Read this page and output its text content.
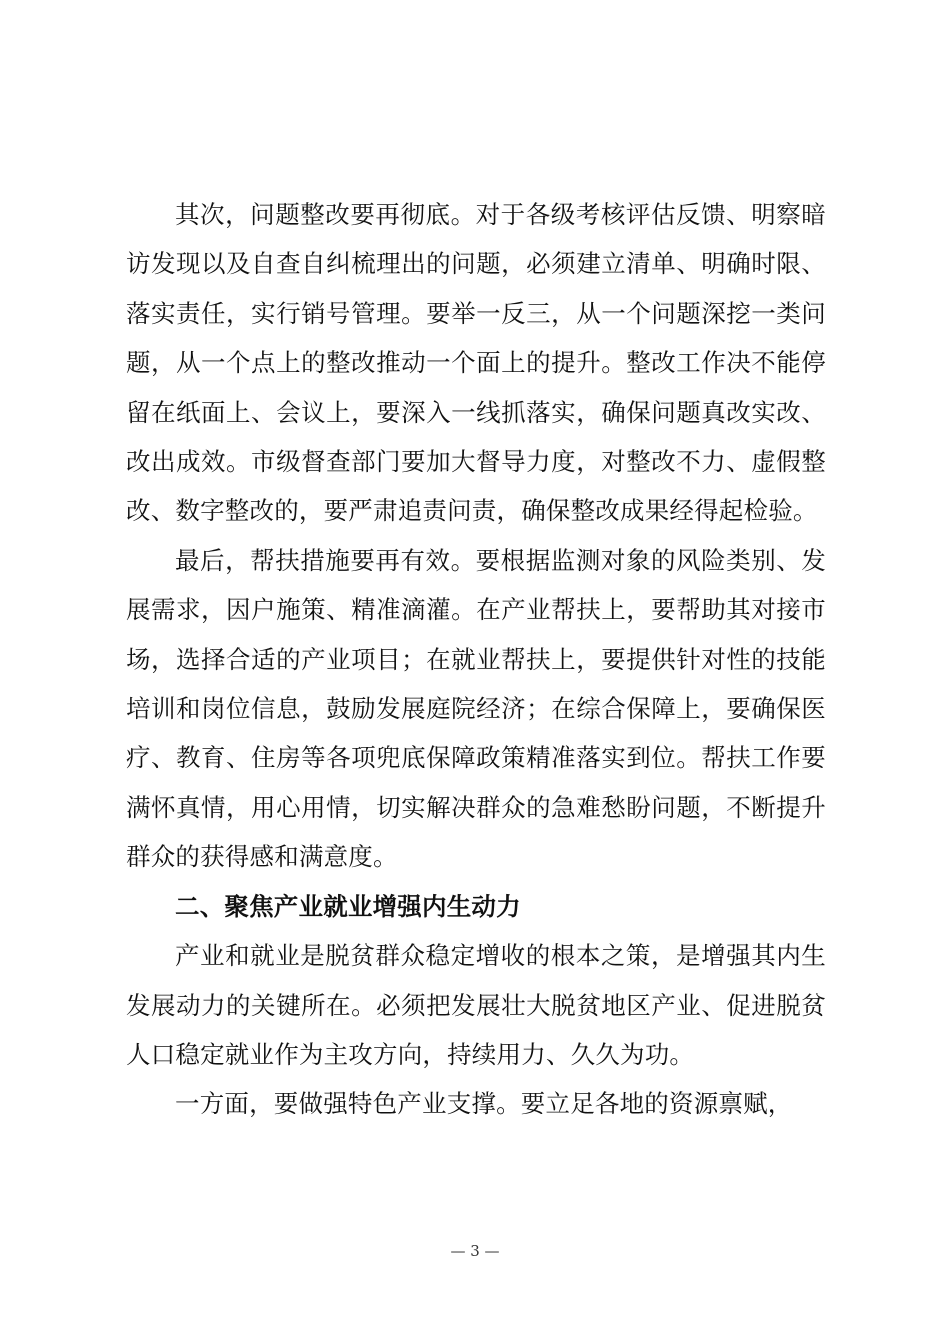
其次，问题整改要再彻底。对于各级考核评估反馈、明察暗访发现以及自查自纠梳理出的问题，必须建立清单、明确时限、落实责任，实行销号管理。要举一反三，从一个问题深挖一类问题，从一个点上的整改推动一个面上的提升。整改工作决不能停留在纸面上、会议上，要深入一线抓落实，确保问题真改实改、改出成效。市级督查部门要加大督导力度，对整改不力、虚假整改、数字整改的，要严肃追责问责，确保整改成果经得起检验。

最后，帮扶措施要再有效。要根据监测对象的风险类别、发展需求，因户施策、精准滴灌。在产业帮扶上，要帮助其对接市场，选择合适的产业项目；在就业帮扶上，要提供针对性的技能培训和岗位信息，鼓励发展庭院经济；在综合保障上，要确保医疗、教育、住房等各项兜底保障政策精准落实到位。帮扶工作要满怀真情，用心用情，切实解决群众的急难愁盼问题，不断提升群众的获得感和满意度。

二、聚焦产业就业增强内生动力

产业和就业是脱贫群众稳定增收的根本之策，是增强其内生发展动力的关键所在。必须把发展壮大脱贫地区产业、促进脱贫人口稳定就业作为主攻方向，持续用力、久久为功。

一方面，要做强特色产业支撑。要立足各地的资源禀赋，

— 3 —
